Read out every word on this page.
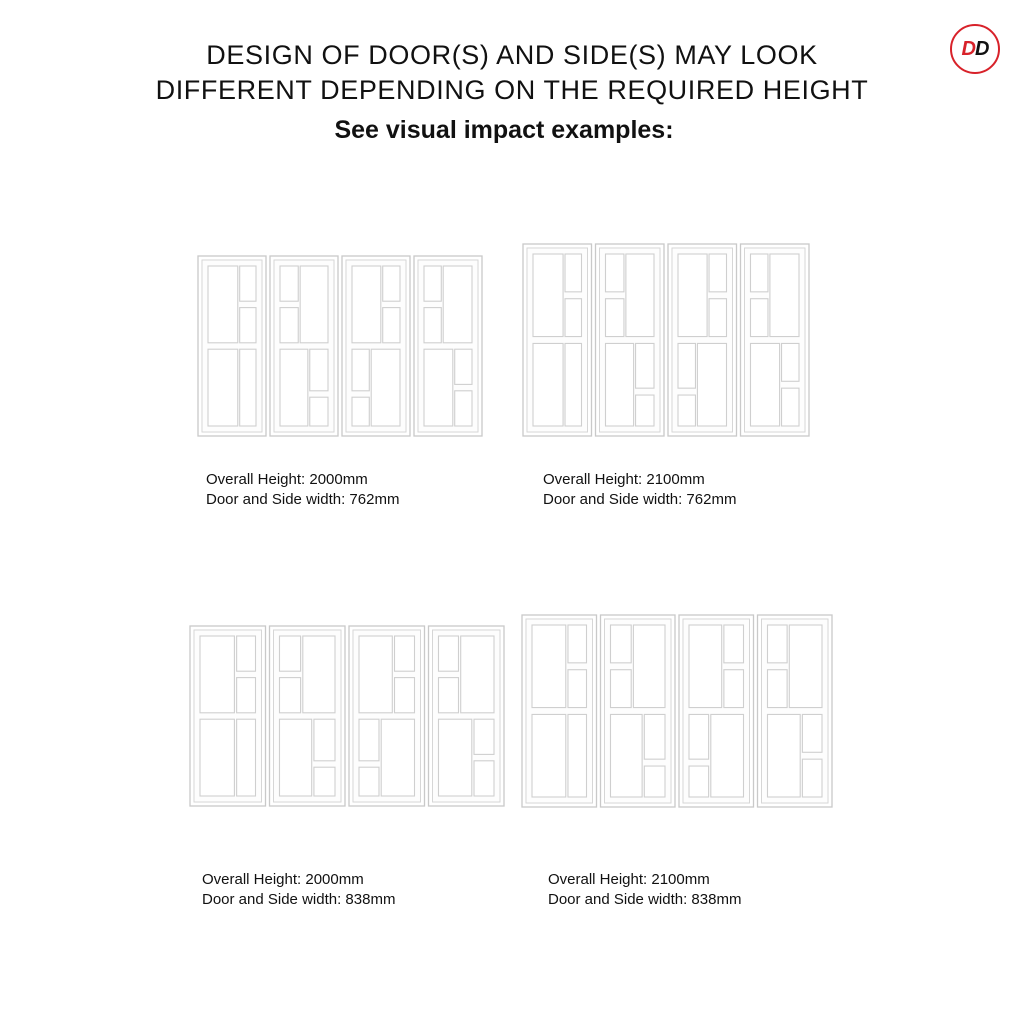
DESIGN OF DOOR(S) AND SIDE(S) MAY LOOK
DIFFERENT DEPENDING ON THE REQUIRED HEIGHT
See visual impact examples:
D D
Overall Height: 2000mm
Door and Side width: 762mm
Overall Height: 2100mm
Door and Side width: 762mm
Overall Height: 2000mm
Door and Side width: 838mm
Overall Height: 2100mm
Door and Side width: 838mm
